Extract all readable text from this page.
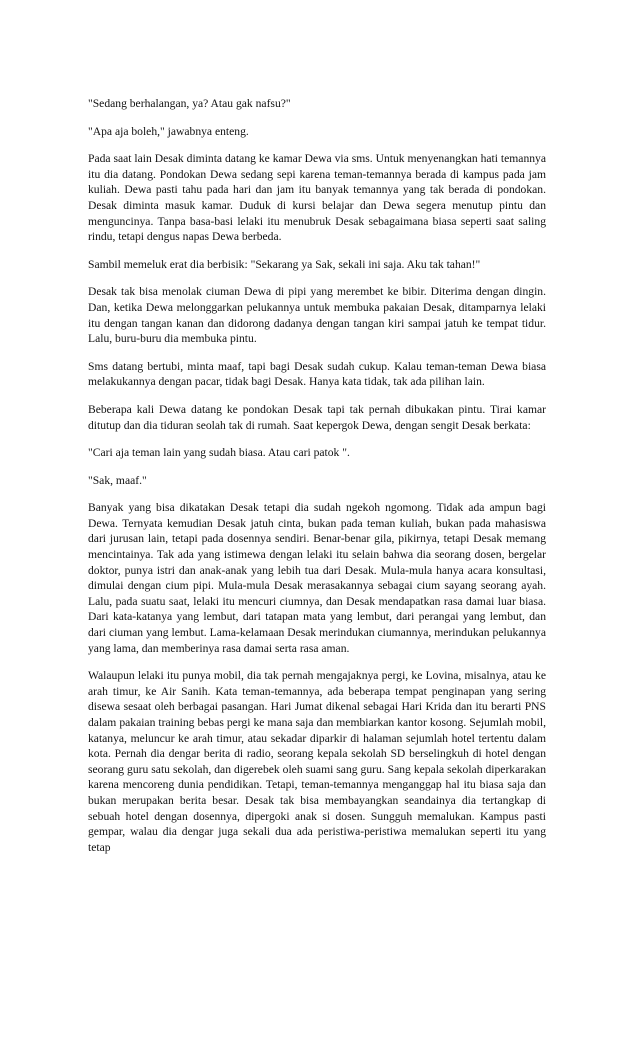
"Sedang berhalangan, ya? Atau gak nafsu?"

"Apa aja boleh," jawabnya enteng.

Pada saat lain Desak diminta datang ke kamar Dewa via sms. Untuk menyenangkan hati temannya itu dia datang. Pondokan Dewa sedang sepi karena teman-temannya berada di kampus pada jam kuliah. Dewa pasti tahu pada hari dan jam itu banyak temannya yang tak berada di pondokan. Desak diminta masuk kamar. Duduk di kursi belajar dan Dewa segera menutup pintu dan menguncinya. Tanpa basa-basi lelaki itu menubruk Desak sebagaimana biasa seperti saat saling rindu, tetapi dengus napas Dewa berbeda.

Sambil memeluk erat dia berbisik: "Sekarang ya Sak, sekali ini saja. Aku tak tahan!"

Desak tak bisa menolak ciuman Dewa di pipi yang merembet ke bibir. Diterima dengan dingin. Dan, ketika Dewa melonggarkan pelukannya untuk membuka pakaian Desak, ditamparnya lelaki itu dengan tangan kanan dan didorong dadanya dengan tangan kiri sampai jatuh ke tempat tidur. Lalu, buru-buru dia membuka pintu.

Sms datang bertubi, minta maaf, tapi bagi Desak sudah cukup. Kalau teman-teman Dewa biasa melakukannya dengan pacar, tidak bagi Desak. Hanya kata tidak, tak ada pilihan lain.

Beberapa kali Dewa datang ke pondokan Desak tapi tak pernah dibukakan pintu. Tirai kamar ditutup dan dia tiduran seolah tak di rumah. Saat kepergok Dewa, dengan sengit Desak berkata:

"Cari aja teman lain yang sudah biasa. Atau cari patok ".

"Sak, maaf."

Banyak yang bisa dikatakan Desak tetapi dia sudah ngekoh ngomong. Tidak ada ampun bagi Dewa. Ternyata kemudian Desak jatuh cinta, bukan pada teman kuliah, bukan pada mahasiswa dari jurusan lain, tetapi pada dosennya sendiri. Benar-benar gila, pikirnya, tetapi Desak memang mencintainya. Tak ada yang istimewa dengan lelaki itu selain bahwa dia seorang dosen, bergelar doktor, punya istri dan anak-anak yang lebih tua dari Desak. Mula-mula hanya acara konsultasi, dimulai dengan cium pipi. Mula-mula Desak merasakannya sebagai cium sayang seorang ayah. Lalu, pada suatu saat, lelaki itu mencuri ciumnya, dan Desak mendapatkan rasa damai luar biasa. Dari kata-katanya yang lembut, dari tatapan mata yang lembut, dari perangai yang lembut, dan dari ciuman yang lembut. Lama-kelamaan Desak merindukan ciumannya, merindukan pelukannya yang lama, dan memberinya rasa damai serta rasa aman.

Walaupun lelaki itu punya mobil, dia tak pernah mengajaknya pergi, ke Lovina, misalnya, atau ke arah timur, ke Air Sanih. Kata teman-temannya, ada beberapa tempat penginapan yang sering disewa sesaat oleh berbagai pasangan. Hari Jumat dikenal sebagai Hari Krida dan itu berarti PNS dalam pakaian training bebas pergi ke mana saja dan membiarkan kantor kosong. Sejumlah mobil, katanya, meluncur ke arah timur, atau sekadar diparkir di halaman sejumlah hotel tertentu dalam kota. Pernah dia dengar berita di radio, seorang kepala sekolah SD berselingkuh di hotel dengan seorang guru satu sekolah, dan digerebek oleh suami sang guru. Sang kepala sekolah diperkarakan karena mencoreng dunia pendidikan. Tetapi, teman-temannya menganggap hal itu biasa saja dan bukan merupakan berita besar. Desak tak bisa membayangkan seandainya dia tertangkap di sebuah hotel dengan dosennya, dipergoki anak si dosen. Sungguh memalukan. Kampus pasti gempar, walau dia dengar juga sekali dua ada peristiwa-peristiwa memalukan seperti itu yang tetap
